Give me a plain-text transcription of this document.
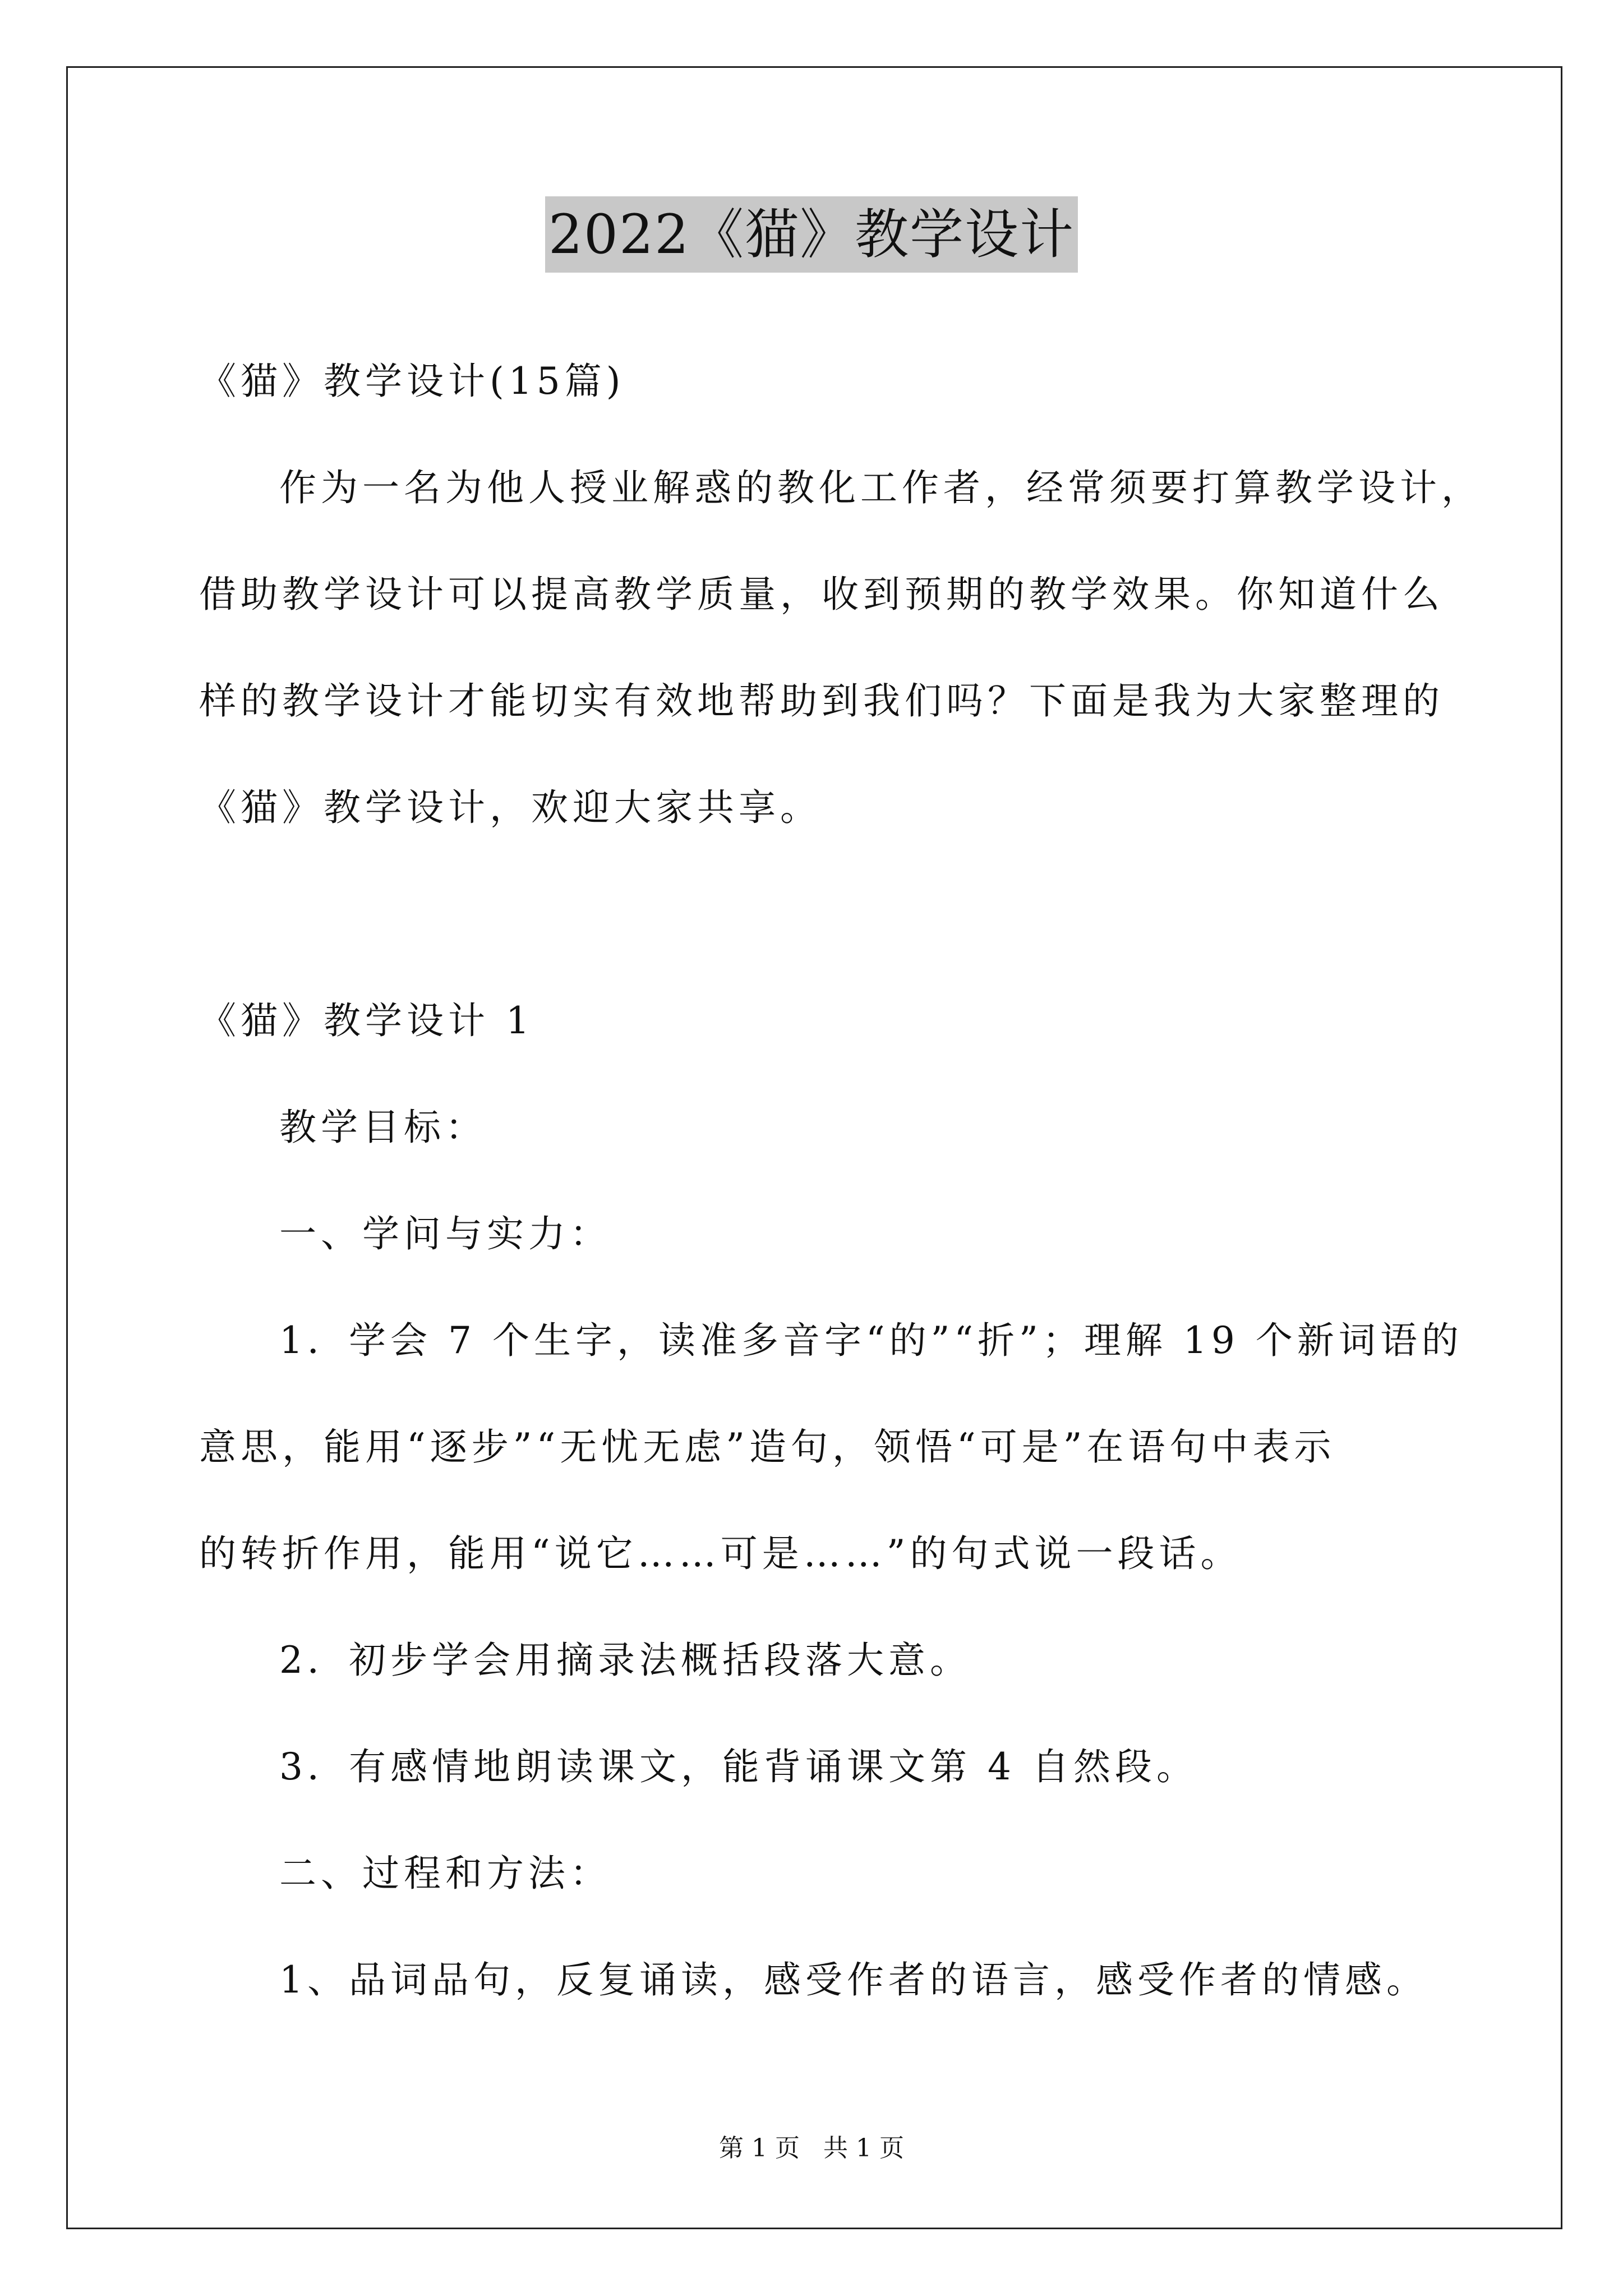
2022《猫》教学设计
《猫》教学设计(15篇)
作为一名为他人授业解惑的教化工作者，经常须要打算教学设计，
借助教学设计可以提高教学质量，收到预期的教学效果。你知道什么
样的教学设计才能切实有效地帮助到我们吗？下面是我为大家整理的
《猫》教学设计，欢迎大家共享。
《猫》教学设计 1
教学目标：
一、学问与实力：
1．学会 7 个生字，读准多音字“的”“折”；理解 19 个新词语的
意思，能用“逐步”“无忧无虑”造句，领悟“可是”在语句中表示
的转折作用，能用“说它……可是……”的句式说一段话。
2．初步学会用摘录法概括段落大意。
3．有感情地朗读课文，能背诵课文第 4 自然段。
二、过程和方法：
1、品词品句，反复诵读，感受作者的语言，感受作者的情感。
第 1 页   共 1 页
